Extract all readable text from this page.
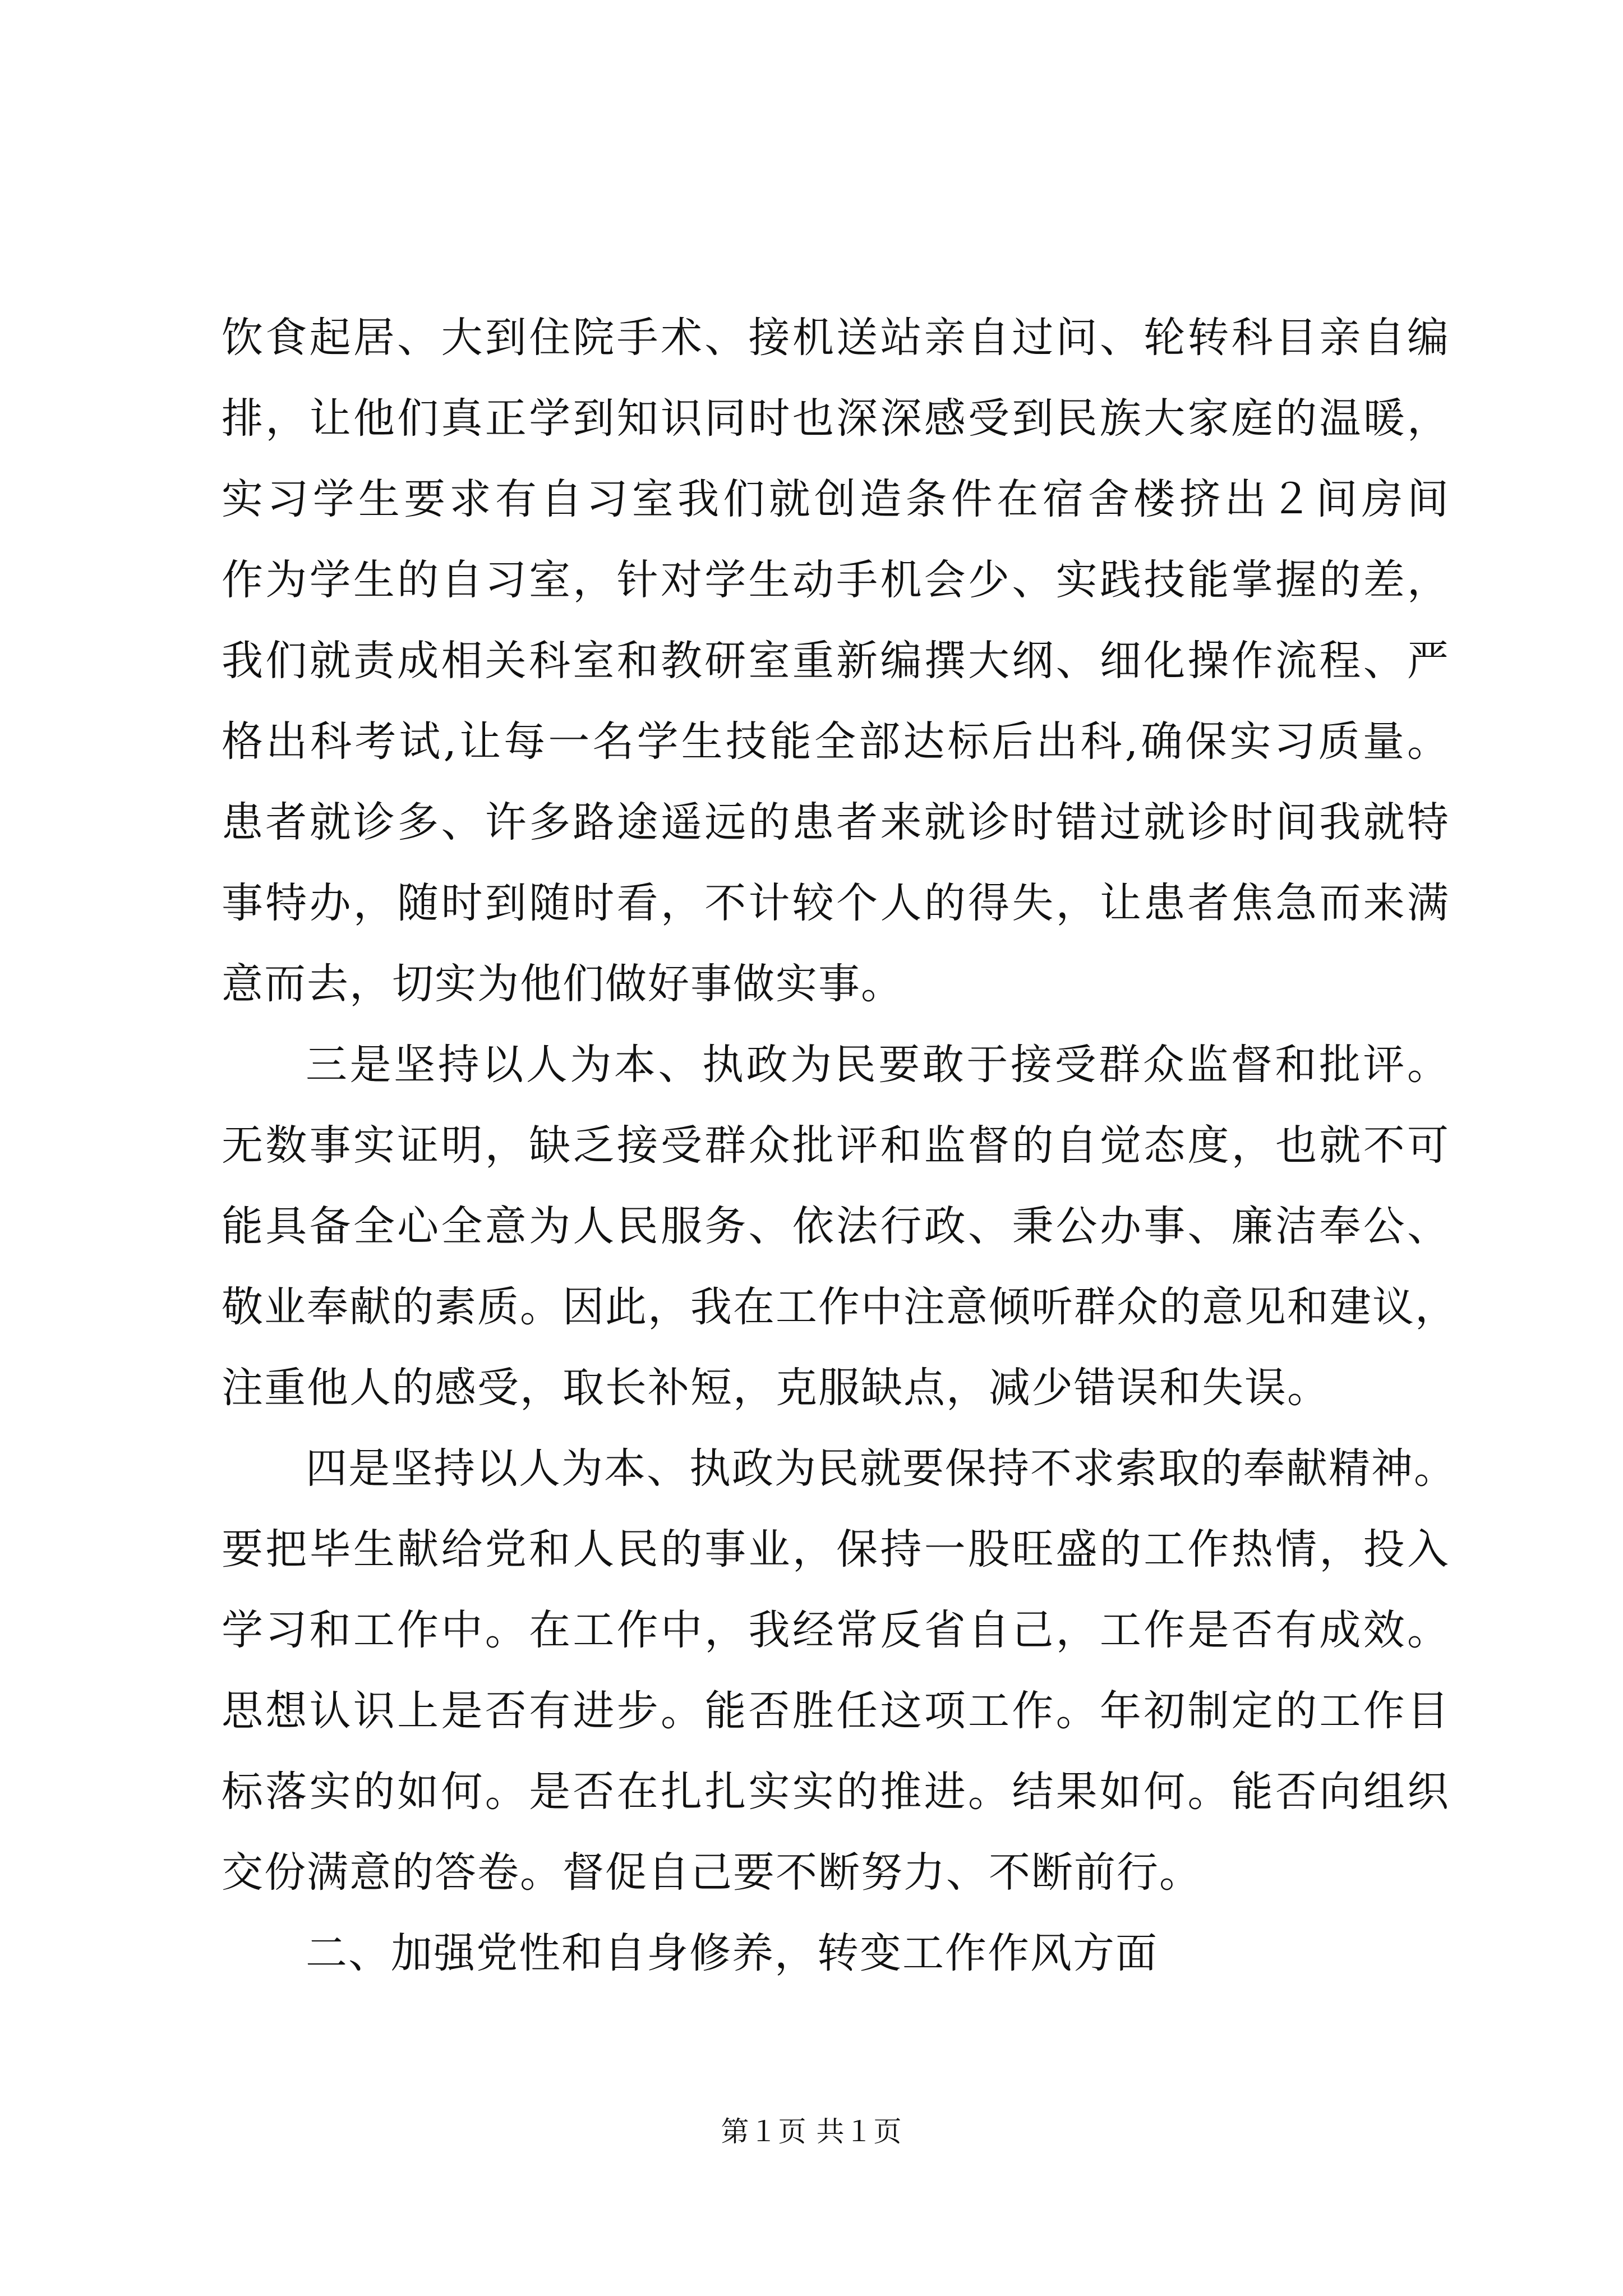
饮食起居、大到住院手术、接机送站亲自过问、轮转科目亲自编
排，让他们真正学到知识同时也深深感受到民族大家庭的温暖，
实习学生要求有自习室我们就创造条件在宿舍楼挤出２间房间
作为学生的自习室，针对学生动手机会少、实践技能掌握的差，
我们就责成相关科室和教研室重新编撰大纲、细化操作流程、严
格出科考试,让每一名学生技能全部达标后出科,确保实习质量。
患者就诊多、许多路途遥远的患者来就诊时错过就诊时间我就特
事特办，随时到随时看，不计较个人的得失，让患者焦急而来满
意而去，切实为他们做好事做实事。
三是坚持以人为本、执政为民要敢于接受群众监督和批评。
无数事实证明，缺乏接受群众批评和监督的自觉态度，也就不可
能具备全心全意为人民服务、依法行政、秉公办事、廉洁奉公、
敬业奉献的素质。因此，我在工作中注意倾听群众的意见和建议，
注重他人的感受，取长补短，克服缺点，减少错误和失误。
四是坚持以人为本、执政为民就要保持不求索取的奉献精神。
要把毕生献给党和人民的事业，保持一股旺盛的工作热情，投入
学习和工作中。在工作中，我经常反省自己，工作是否有成效。
思想认识上是否有进步。能否胜任这项工作。年初制定的工作目
标落实的如何。是否在扎扎实实的推进。结果如何。能否向组织
交份满意的答卷。督促自己要不断努力、不断前行。
二、加强党性和自身修养，转变工作作风方面
第１页 共１页
